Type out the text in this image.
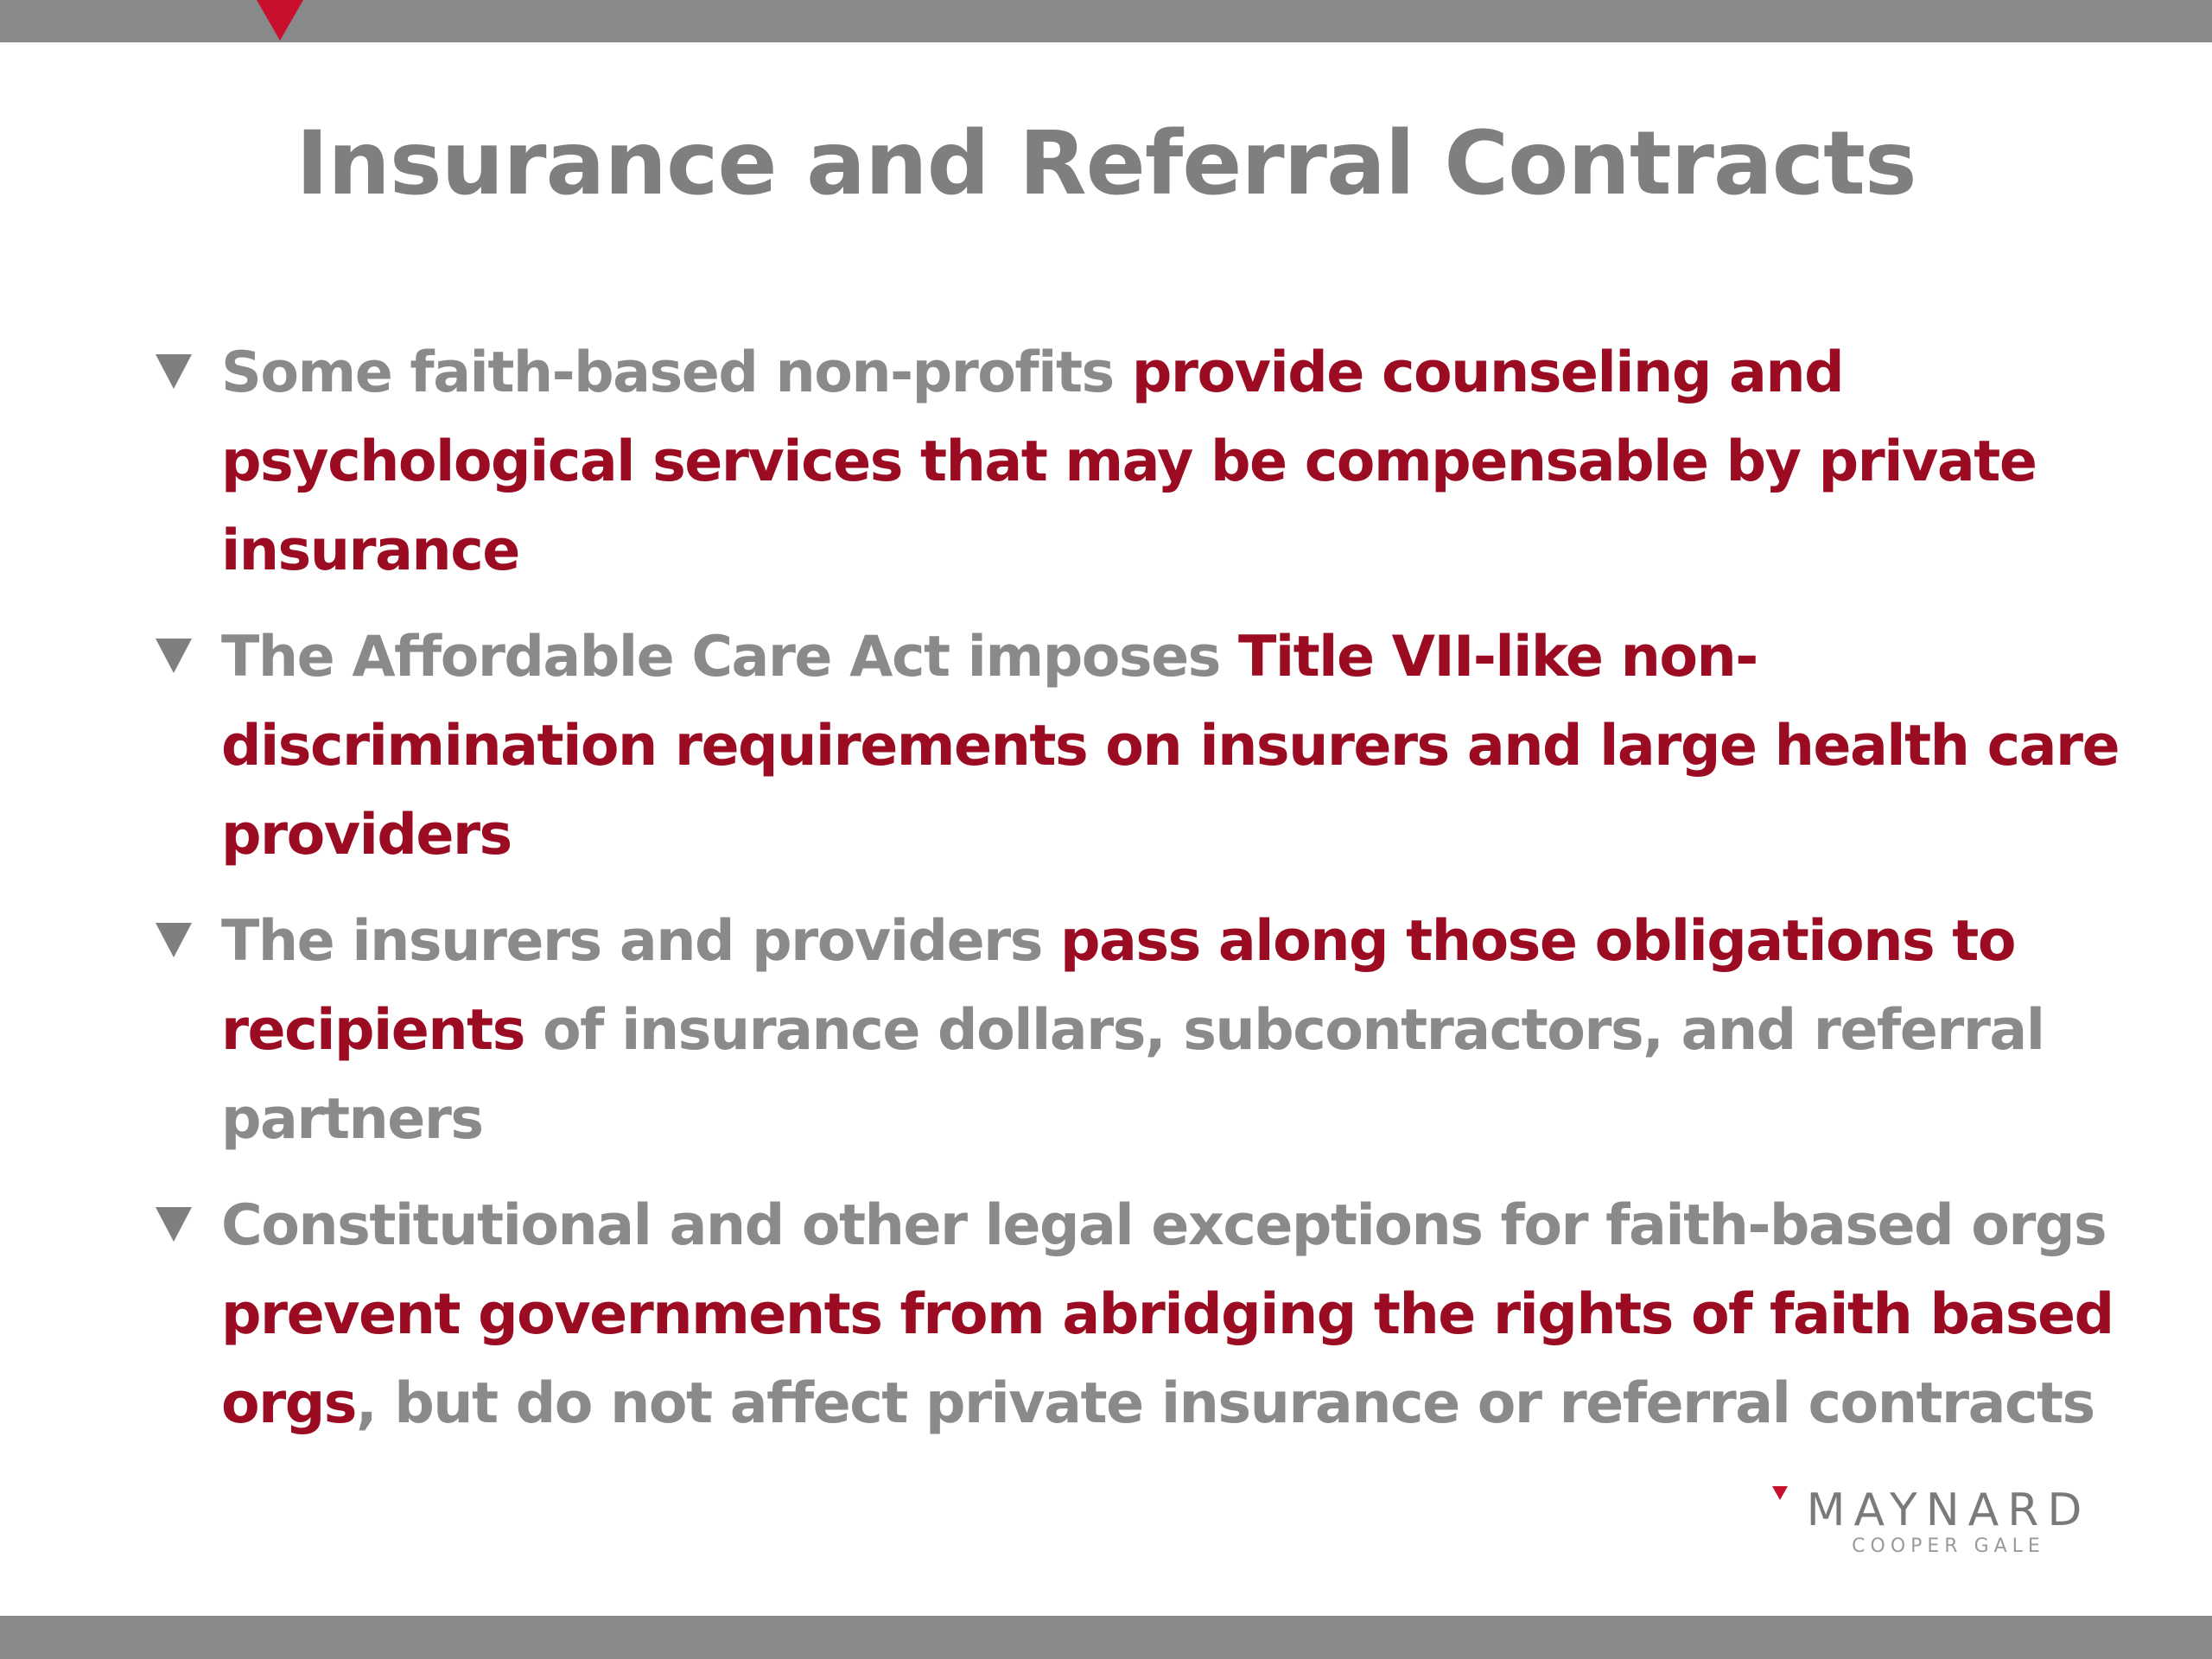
Insurance and Referral Contracts
Some faith-based non-profits provide counseling and psychological services that may be compensable by private insurance
The Affordable Care Act imposes Title VII-like non-discrimination requirements on insurers and large health care providers
The insurers and providers pass along those obligations to recipients of insurance dollars, subcontractors, and referral partners
Constitutional and other legal exceptions for faith-based orgs prevent governments from abridging the rights of faith based orgs, but do not affect private insurance or referral contracts
MAYNARD
COOPER GALE
